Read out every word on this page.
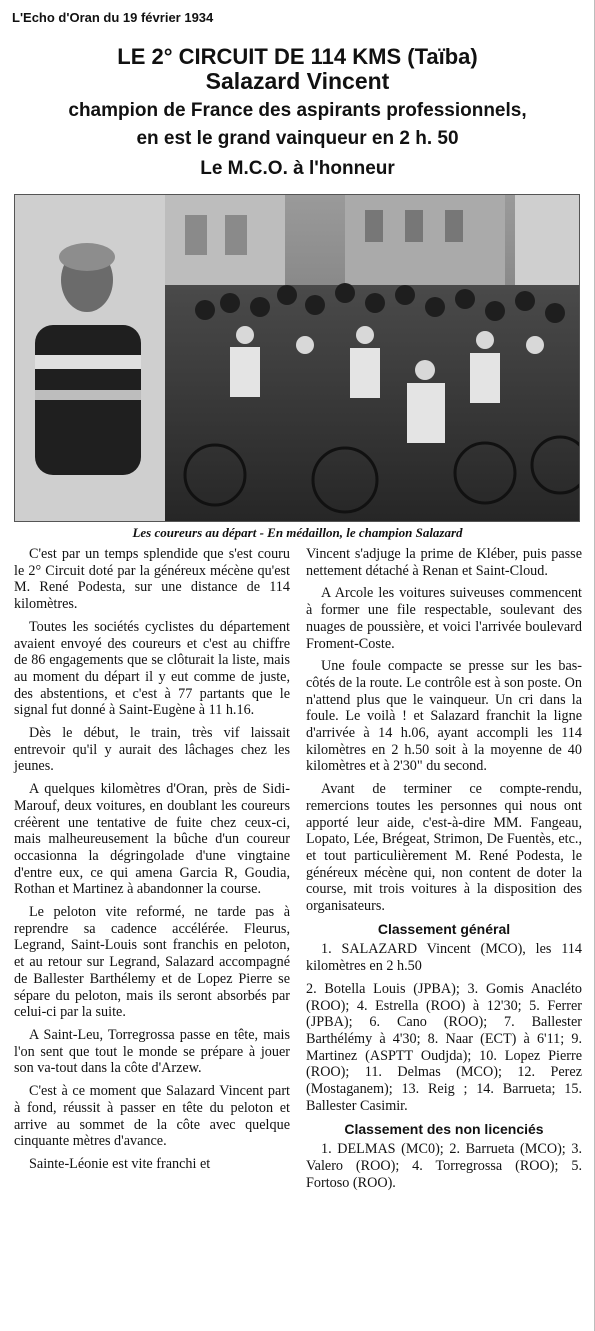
L'Echo d'Oran du 19 février 1934
LE 2° CIRCUIT DE 114 KMS (Taïba)
Salazard Vincent
champion de France des aspirants professionnels,
en est le grand vainqueur en 2 h. 50
Le M.C.O. à l'honneur
Les coureurs au départ - En médaillon, le champion Salazard

C'est par un temps splendide que s'est couru le 2° Circuit doté par la généreux mécène qu'est M. René Podesta, sur une distance de 114 kilomètres.

Toutes les sociétés cyclistes du département avaient envoyé des coureurs et c'est au chiffre de 86 engagements que se clôturait la liste, mais au moment du départ il y eut comme de juste, des abstentions, et c'est à 77 partants que le signal fut donné à Saint-Eugène à 11 h.16.

Dès le début, le train, très vif laissait entrevoir qu'il y aurait des lâchages chez les jeunes.

A quelques kilomètres d'Oran, près de Sidi-Marouf, deux voitures, en doublant les coureurs créèrent une tentative de fuite chez ceux-ci, mais malheureusement la bûche d'un coureur occasionna la dégringolade d'une vingtaine d'entre eux, ce qui amena Garcia R, Goudia, Rothan et Martinez à abandonner la course.

Le peloton vite reformé, ne tarde pas à reprendre sa cadence accélérée. Fleurus, Legrand, Saint-Louis sont franchis en peloton, et au retour sur Legrand, Salazard accompagné de Ballester Barthélemy et de Lopez Pierre se sépare du peloton, mais ils seront absorbés par celui-ci par la suite.

A Saint-Leu, Torregrossa passe en tête, mais l'on sent que tout le monde se prépare à jouer son va-tout dans la côte d'Arzew.

C'est à ce moment que Salazard Vincent part à fond, réussit à passer en tête du peloton et arrive au sommet de la côte avec quelque cinquante mètres d'avance.

Sainte-Léonie est vite franchi et

Vincent s'adjuge la prime de Kléber, puis passe nettement détaché à Renan et Saint-Cloud.

A Arcole les voitures suiveuses commencent à former une file respectable, soulevant des nuages de poussière, et voici l'arrivée boulevard Froment-Coste.

Une foule compacte se presse sur les bas-côtés de la route. Le contrôle est à son poste. On n'attend plus que le vainqueur. Un cri dans la foule. Le voilà ! et Salazard franchit la ligne d'arrivée à 14 h.06, ayant accompli les 114 kilomètres en 2 h.50 soit à la moyenne de 40 kilomètres et à 2'30" du second.

Avant de terminer ce compte-rendu, remercions toutes les personnes qui nous ont apporté leur aide, c'est-à-dire MM. Fangeau, Lopato, Lée, Brégeat, Strimon, De Fuentès, etc., et tout particulièrement M. René Podesta, le généreux mécène qui, non content de doter la course, mit trois voitures à la disposition des organisateurs.

Classement général

1. SALAZARD Vincent (MCO), les 114 kilomètres en 2 h.50

2. Botella Louis (JPBA); 3. Gomis Anacléto (ROO); 4. Estrella (ROO) à 12'30; 5. Ferrer (JPBA); 6. Cano (ROO); 7. Ballester Barthélémy à 4'30; 8. Naar (ECT) à 6'11; 9. Martinez (ASPTT Oudjda); 10. Lopez Pierre (ROO); 11. Delmas (MCO); 12. Perez (Mostaganem); 13. Reig ; 14. Barrueta; 15. Ballester Casimir.

Classement des non licenciés

1. DELMAS (MC0); 2. Barrueta (MCO); 3. Valero (ROO); 4. Torregrossa (ROO); 5. Fortoso (ROO).
